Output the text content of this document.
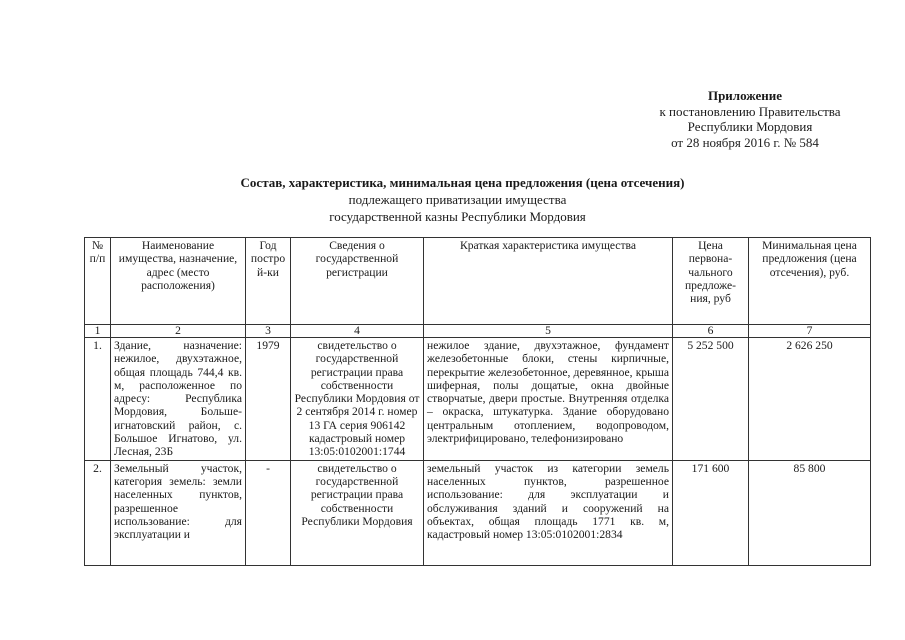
Приложение
к постановлению Правительства
Республики Мордовия
от 28 ноября 2016 г. № 584
Состав, характеристика, минимальная цена предложения (цена отсечения)
подлежащего приватизации имущества
государственной казны Республики Мордовия
№ п/п	Наименование имущества, назначение, адрес (место расположения)	Год постро й-ки	Сведения о государственной регистрации	Краткая характеристика имущества	Цена первона-чального предложе-ния, руб	Минимальная цена предложения (цена отсечения), руб.
1	2	3	4	5	6	7
1.	Здание, назначение: нежилое, двухэтажное, общая площадь 744,4 кв. м, расположенное по адресу: Республика Мордовия, Больше-игнатовский район, с. Большое Игнатово, ул. Лесная, 23Б	1979	свидетельство о государственной регистрации права собственности Республики Мордовия от 2 сентября 2014 г. номер 13 ГА серия 906142 кадастровый номер 13:05:0102001:1744	нежилое здание, двухэтажное, фундамент железобетонные блоки, стены кирпичные, перекрытие железобетонное, деревянное, крыша шиферная, полы дощатые, окна двойные створчатые, двери простые. Внутренняя отделка – окраска, штукатурка. Здание оборудовано центральным отоплением, водопроводом, электрифицировано, телефонизировано	5 252 500	2 626 250
2.	Земельный участок, категория земель: земли населенных пунктов, разрешенное использование: для эксплуатации и	-	свидетельство о государственной регистрации права собственности Республики Мордовия	земельный участок из категории земель населенных пунктов, разрешенное использование: для эксплуатации и обслуживания зданий и сооружений на объектах, общая площадь 1771 кв. м, кадастровый номер 13:05:0102001:2834	171 600	85 800
